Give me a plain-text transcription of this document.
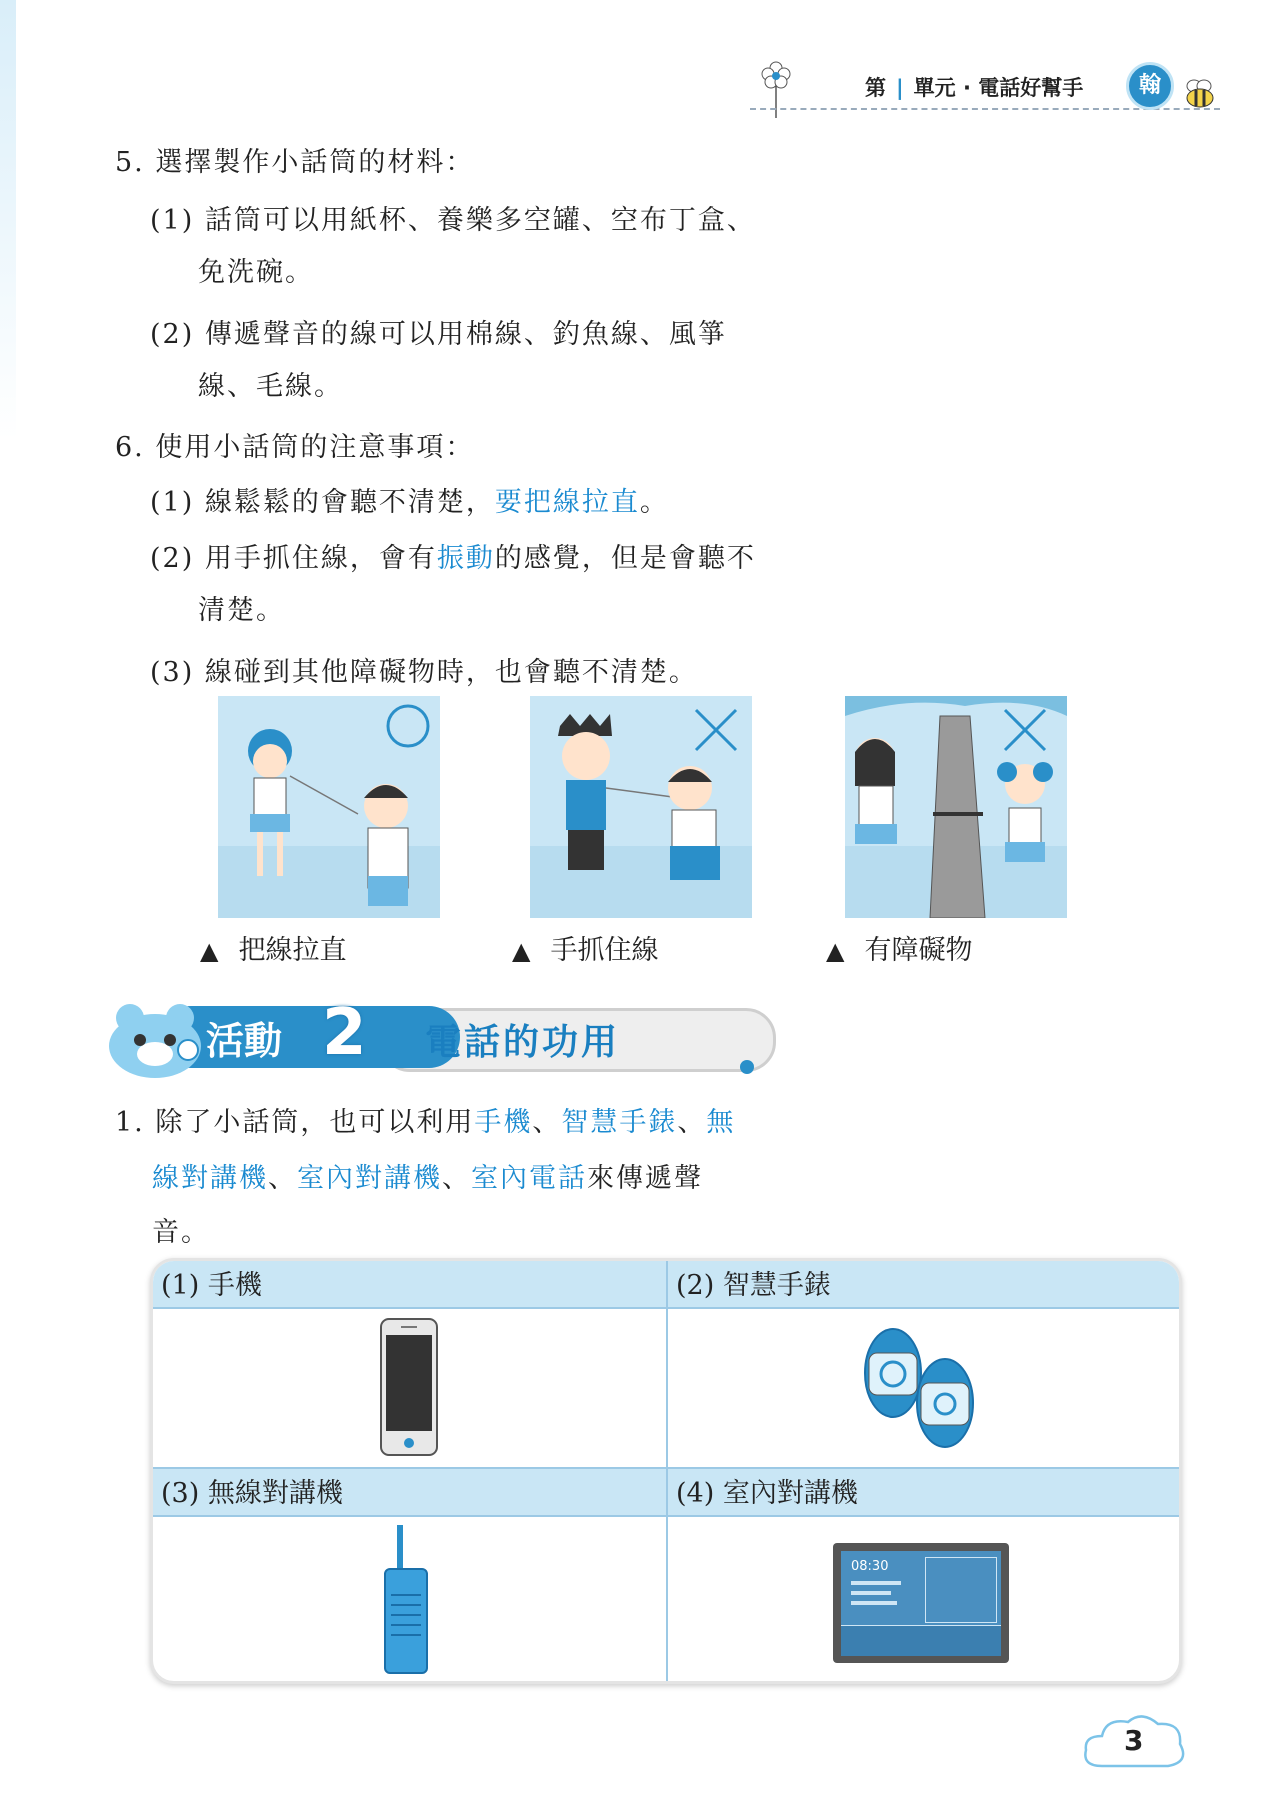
第 | 單元 · 電話好幫手	翰
5. 選擇製作小話筒的材料：
(1) 話筒可以用紙杯、養樂多空罐、空布丁盒、
免洗碗。
(2) 傳遞聲音的線可以用棉線、釣魚線、風箏
線、毛線。
6. 使用小話筒的注意事項：
(1) 線鬆鬆的會聽不清楚，要把線拉直。
(2) 用手抓住線，會有振動的感覺，但是會聽不
清楚。
(3) 線碰到其他障礙物時，也會聽不清楚。
▲ 把線拉直	▲ 手抓住線	▲ 有障礙物
活動 2 電話的功用
1. 除了小話筒，也可以利用手機、智慧手錶、無
線對講機、室內對講機、室內電話來傳遞聲
音。
(1) 手機	(2) 智慧手錶
(3) 無線對講機	(4) 室內對講機
08:30
3
